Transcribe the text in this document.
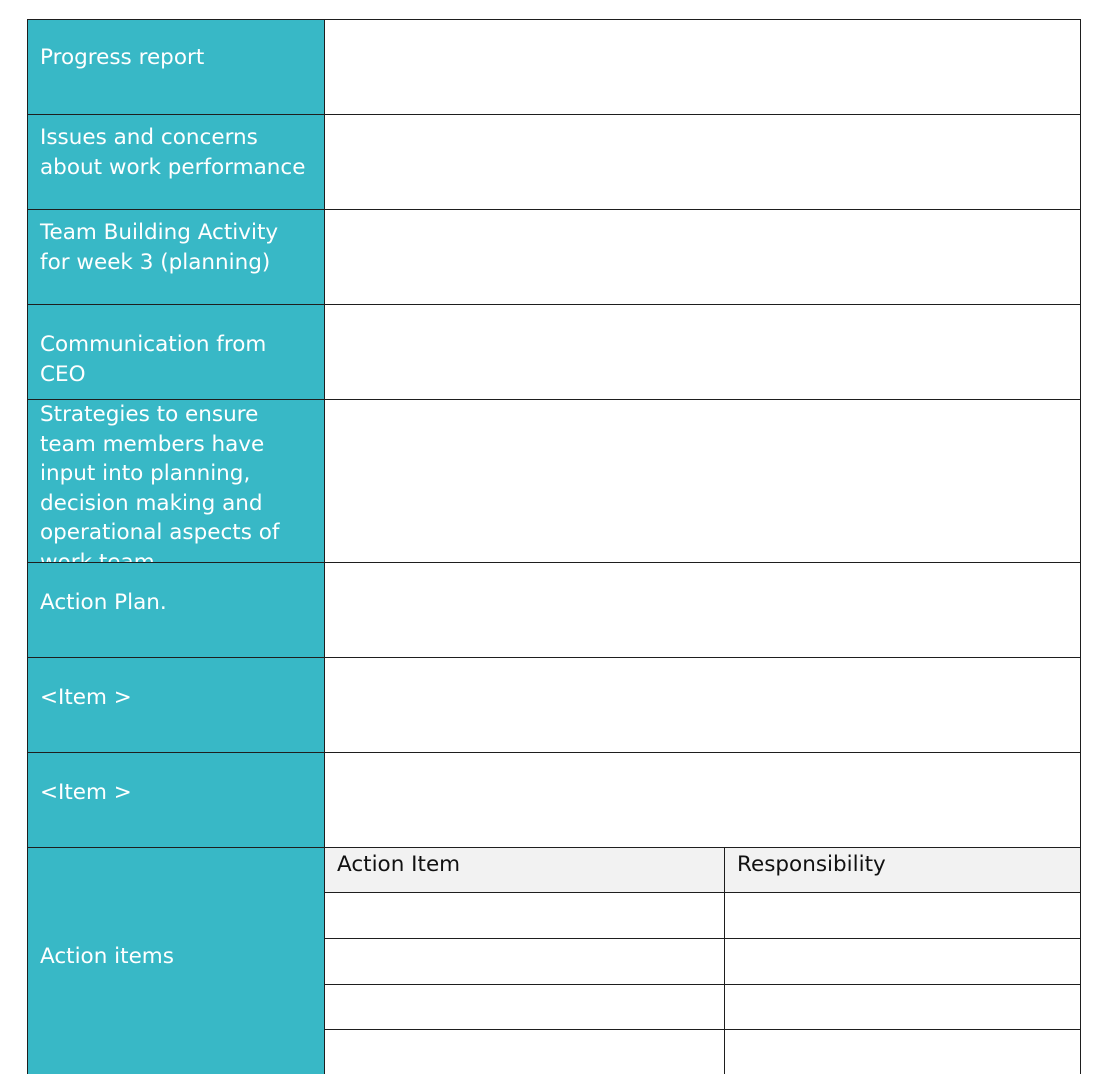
Progress report
Issues and concerns about work performance
Team Building Activity for week 3 (planning)
Communication from CEO
Strategies to ensure team members have input into planning, decision making and operational aspects of
Action Plan.
<Item >
<Item >
Action items
Action Item	Responsibility
